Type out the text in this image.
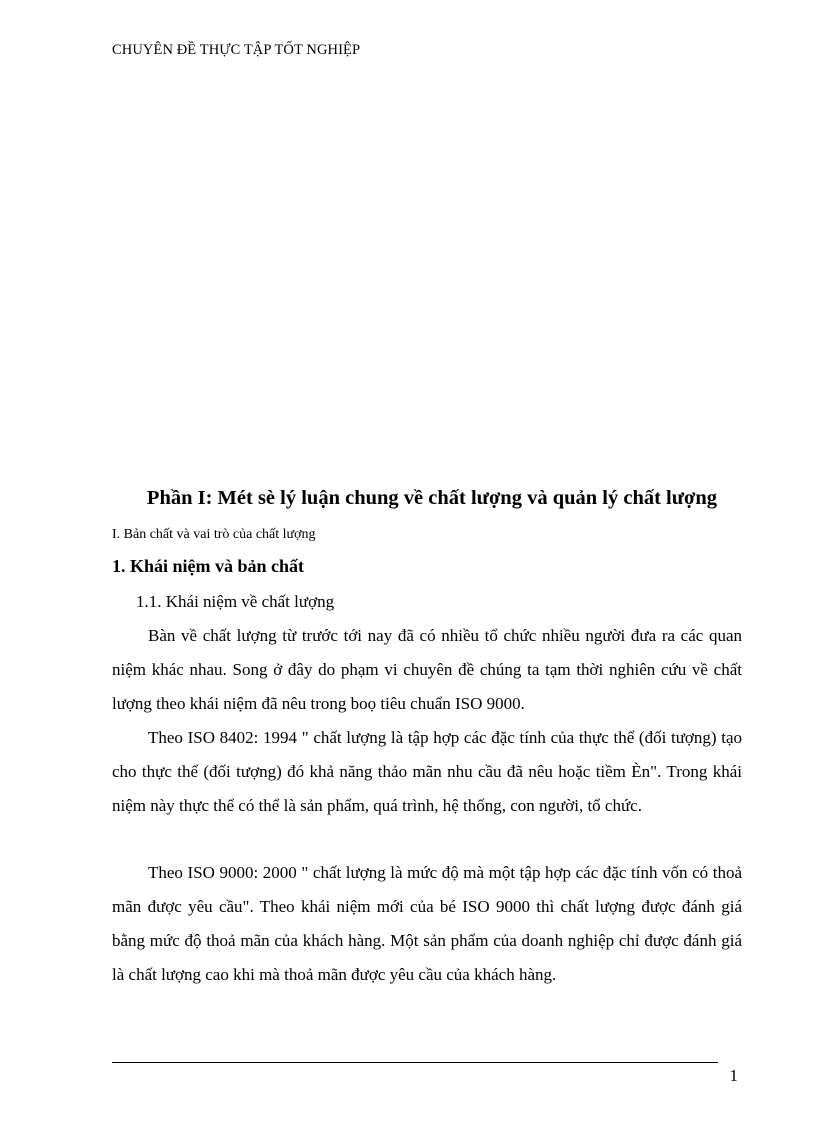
CHUYÊN ĐỀ THỰC TẬP TỐT NGHIỆP
Phần I: Mét sè lý luận chung về chất lượng và quản lý chất lượng
I. Bản chất và vai trò của chất lượng
1. Khái niệm và bản chất
1.1. Khái niệm về chất lượng

Bàn về chất lượng từ trước tới nay đã có nhiều tổ chức nhiều người đưa ra các quan niệm khác nhau. Song ở đây do phạm vi chuyên đề chúng ta tạm thời nghiên cứu về chất lượng theo khái niệm đã nêu trong boọ tiêu chuẩn ISO 9000.

Theo ISO 8402: 1994 " chất lượng là tập hợp các đặc tính của thực thể (đối tượng) tạo cho thực thể (đối tượng) đó khả năng thảo mãn nhu cầu đã nêu hoặc tiềm Èn". Trong khái niệm này thực thể có thể là sản phẩm, quá trình, hệ thống, con người, tổ chức.

Theo ISO 9000: 2000 " chất lượng là mức độ mà một tập hợp các đặc tính vốn có thoả mãn được yêu cầu". Theo khái niệm mới của bé ISO 9000 thì chất lượng được đánh giá bằng mức độ thoả mãn của khách hàng. Một sản phẩm của doanh nghiệp chỉ được đánh giá là chất lượng cao khi mà thoả mãn được yêu cầu của khách hàng.

1
